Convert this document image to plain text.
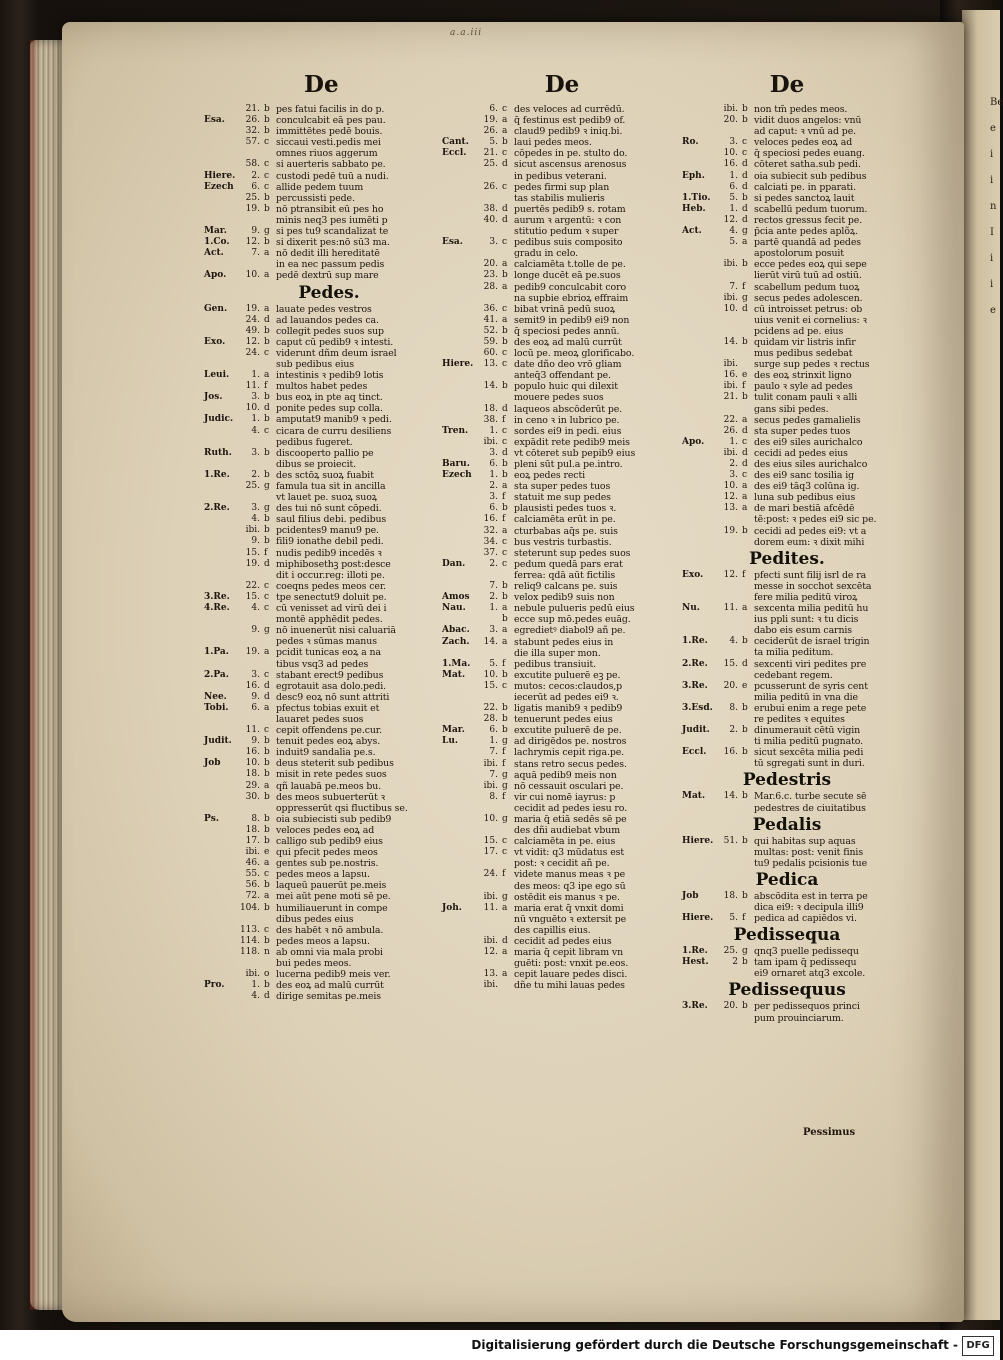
Be
e
i
i
n
I
i
i
e
a.a.iii
De
21. b pes fatui facilis in do p.
Esa.	26. b conculcabit eā pes pau.
32. b immittētes pedē bouis.
57. c siccaui vesti.pedis mei
omnes riuos aggerum
58. c si auerteris sabbato pe.
Hiere.	2. c custodi pedē tuū a nudi.
Ezech	6. c allide pedem tuum
25. b percussisti pede.
19. b nō ptransibit eū pes ho
minis neq3 pes iumēti p
Mar.	9. g si pes tu9 scandalizat te
1.Co.	12. b si dixerit pes:nō sū3 ma.
Act.	7. a nō dedit illi hereditatē
in ea nec passum pedis
Apo.	10. a pedē dextrū sup mare
Pedes.
Gen.	19. a lauate pedes vestros
24. d ad lauandos pedes ca.
49. b collegit pedes suos sup
Exo.	12. b caput cū pedib9 ꝛ intesti.
24. c viderunt dñm deum israel
sub pedibus eius
Leui.	1. a intestinis ꝛ pedib9 lotis
11. f multos habet pedes
Jos.	3. b bus eoꝝ in pte aq tinct.
10. d ponite pedes sup colla.
Judic.	1. b amputat9 manib9 ꝛ pedi.
4. c cicara de curru desiliens
pedibus fugeret.
Ruth.	3. b discooperto pallio pe
dibus se proiecit.
1.Re.	2. b des sctōꝝ suoꝝ fuabit
25. g famula tua sit in ancilla
vt lauet pe. suoꝝ suoꝝ
2.Re.	3. g des tui nō sunt cōpedi.
4. b saul filius debi. pedibus
ibi. b pcidentes9 manu9 pe.
9. b fili9 ionathe debil pedi.
15. f nudis pedib9 incedēs ꝛ
19. d miphibosethꝫ post:desce
dit i occur.reg: illoti pe.
22. c coeqns pedes meos cer.
3.Re.	15. c tpe senectut9 doluit pe.
4.Re.	4. c cū venisset ad virū dei i
montē apphēdit pedes.
9. g nō inuenerūt nisi caluariā
pedes ꝛ sūmas manus
1.Pa.	19. a pcidit tunicas eoꝝ a na
tibus vsq3 ad pedes
2.Pa.	3. c stabant erect9 pedibus
16. d egrotauit asa dolo.pedi.
Nee.	9. d desc9 eoꝝ nō sunt attriti
Tobi.	6. a pfectus tobias exuit et
lauaret pedes suos
11. c cepit offendens pe.cur.
Judit.	9. b tenuit pedes eoꝝ abys.
16. b induit9 sandalia pe.s.
Job	10. b deus steterit sub pedibus
18. b misit in rete pedes suos
29. a qñ lauabā pe.meos bu.
30. b des meos subuerterūt ꝛ
oppresserūt qsi fluctibus se.
Ps.	8. b oia subiecisti sub pedib9
18. b veloces pedes eoꝝ ad
17. b calligo sub pedib9 eius
ibi. e qui pfecit pedes meos
46. a gentes sub pe.nostris.
55. c pedes meos a lapsu.
56. b laqueū pauerūt pe.meis
72. a mei aūt pene moti sē pe.
104. b humiliauerunt in compe
dibus pedes eius
113. c des habēt ꝛ nō ambula.
114. b pedes meos a lapsu.
118. n ab omni via mala probi
bui pedes meos.
ibi. o lucerna pedib9 meis ver.
Pro.	1. b des eoꝝ ad malū currūt
4. d dirige semitas pe.meis
De
6. c des veloces ad currēdū.
19. a q̄ festinus est pedib9 of.
26. a claud9 pedib9 ꝛ iniq.bi.
Cant.	5. b laui pedes meos.
Eccl.	21. c cōpedes in pe. stulto do.
25. d sicut ascensus arenosus
in pedibus veterani.
26. c pedes firmi sup plan
tas stabilis mulieris
38. d puertēs pedib9 s. rotam
40. d aurum ꝛ argentū: ꝛ con
stitutio pedum ꝛ super
Esa.	3. c pedibus suis composito
gradu in celo.
20. a calciamēta t.tolle de pe.
23. b longe ducēt eā pe.suos
28. a pedib9 conculcabit coro
na supbie ebrioꝝ effraim
36. c bibat vrinā pedū suoꝝ
41. a semit9 in pedib9 ei9 non
52. b q̄ speciosi pedes annū.
59. b des eoꝝ ad malū currūt
60. c locū pe. meoꝝ glorificabo.
Hiere.	13. c date dño deo vrō gliam
anteq̄3 offendant pe.
14. b populo huic qui dilexit
mouere pedes suos
18. d laqueos abscōderūt pe.
38. f in ceno ꝛ in lubrico pe.
Tren.	1. c sordes ei9 in pedi. eius
ibi. c expādit rete pedib9 meis
3. d vt cōteret sub pepib9 eius
Baru.	6. b pleni sūt pul.a pe.intro.
Ezech	1. b eoꝝ pedes recti
2. a sta super pedes tuos
3. f statuit me sup pedes
6. b plausisti pedes tuos ꝛ.
16. f calciamēta erūt in pe.
32. a cturbabas aq̄s pe. suis
34. c bus vestris turbastis.
37. c steterunt sup pedes suos
Dan.	2. c pedum quedā pars erat
ferrea: qdā aūt fictilis
7. b reliq9 calcans pe. suis
Amos	2. b velox pedib9 suis non
Nau.	1. a nebule pulueris pedū eius
b ecce sup mō.pedes euāg.
Abac.	3. a egredietꝰ diabol9 añ pe.
Zach.	14. a stabunt pedes eius in
die illa super mon.
1.Ma.	5. f pedibus transiuit.
Mat.	10. b excutite puluerē eꝫ pe.
15. c mutos: cecos:claudos,p
iecerūt ad pedes ei9 ꝛ.
22. b ligatis manib9 ꝛ pedib9
28. b tenuerunt pedes eius
Mar.	6. b excutite puluerē de pe.
Lu.	1. g ad dirigēdos pe. nostros
7. f lachrymis cepit riga.pe.
ibi. f stans retro secus pedes.
7. g aquā pedib9 meis non
ibi. g nō cessauit osculari pe.
8. f vir cui nomē iayrus: p
cecidit ad pedes iesu ro.
10. g maria q̄ etiā sedēs sē pe
des dñi audiebat vbum
15. c calciamēta in pe. eius
17. c vt vidit: q3 mūdatus est
post: ꝛ cecidit añ pe.
24. f videte manus meas ꝛ pe
des meos: q3 ipe ego sū
ibi. g ostēdit eis manus ꝛ pe.
Joh.	11. a maria erat q̄ vnxit domi
nū vnguēto ꝛ extersit pe
des capillis eius.
ibi. d cecidit ad pedes eius
12. a maria q̄ cepit libram vn
guēti: post: vnxit pe.eos.
13. a cepit lauare pedes disci.
ibi.	dñe tu mihi lauas pedes
De
ibi. b non tm̄ pedes meos.
20. b vidit duos angelos: vnū
ad caput: ꝛ vnū ad pe.
Ro.	3. c veloces pedes eoꝝ ad
10. c q̄ speciosi pedes euang.
16. d cōteret satha.sub pedi.
Eph.	1. d oia subiecit sub pedibus
6. d calciati pe. in pparati.
1.Tio.	5. b si pedes sanctoꝝ lauit
Heb.	1. d scabellū pedum tuorum.
12. d rectos gressus fecit pe.
Act.	4. g p̄cia ante pedes aplõꝝ.
5. a partē quandā ad pedes
apostolorum posuit
ibi. b ecce pedes eoꝝ qui sepe
lierūt virū tuū ad ostiū.
7. f scabellum pedum tuoꝝ
ibi. g secus pedes adolescen.
10. d cū introisset petrus: ob
uius venit ei cornelius: ꝛ
pcidens ad pe. eius
14. b quidam vir listris infir
mus pedibus sedebat
ibi.	surge sup pedes ꝛ rectus
16. e des eoꝝ strinxit ligno
ibi. f paulo ꝛ syle ad pedes
21. b tulit conam pauli ꝛ alli
gans sibi pedes.
22. a secus pedes gamalielis
26. d sta super pedes tuos
Apo.	1. c des ei9 siles aurichalco
ibi. d cecidi ad pedes eius
2. d des eius siles aurichalco
3. c des ei9 sanc tosilia ig
10. a des ei9 tāq3 colūna ig.
12. a luna sub pedibus eius
13. a de mari bestiā afcēdē
tē:post: ꝛ pedes ei9 sic pe.
19. b cecidi ad pedes ei9: vt a
dorem eum: ꝛ dixit mihi
Pedites.
Exo.	12. f pfecti sunt filij isrl de ra
messe in socchot sexcēta
fere milia peditū viroꝝ
Nu.	11. a sexcenta milia peditū hu
ius ppli sunt: ꝛ tu dicis
dabo eis esum carnis
1.Re.	4. b ceciderūt de israel trigin
ta milia peditum.
2.Re.	15. d sexcenti viri pedites pre
cedebant regem.
3.Re.	20. e pcusserunt de syris cent
milia peditū in vna die
3.Esd.	8. b erubui enim a rege pete
re pedites ꝛ equites
Judit.	2. b dinumerauit cētū vigin
ti milia peditū pugnato.
Eccl.	16. b sicut sexcēta milia pedi
tū sgregati sunt in duri.
Pedestris
Mat.	14. b Mar.6.c. turbe secute sē
pedestres de ciuitatibus
Pedalis
Hiere.	51. b qui habitas sup aquas
multas: post: venit finis
tu9 pedalis pcisionis tue
Pedica
Job	18. b abscōdita est in terra pe
dica ei9: ꝛ decipula illi9
Hiere.	5. f pedica ad capiēdos vi.
Pedissequa
1.Re.	25. g qnq3 puelle pedissequ
Hest.	2 b tam ipam q̄ pedissequ
ei9 ornaret atq3 excole.
Pedissequus
3.Re.	20. b per pedissequos princi
pum prouinciarum.
Pessimus
Digitalisierung gefördert durch die Deutsche Forschungsgemeinschaft - DFG
